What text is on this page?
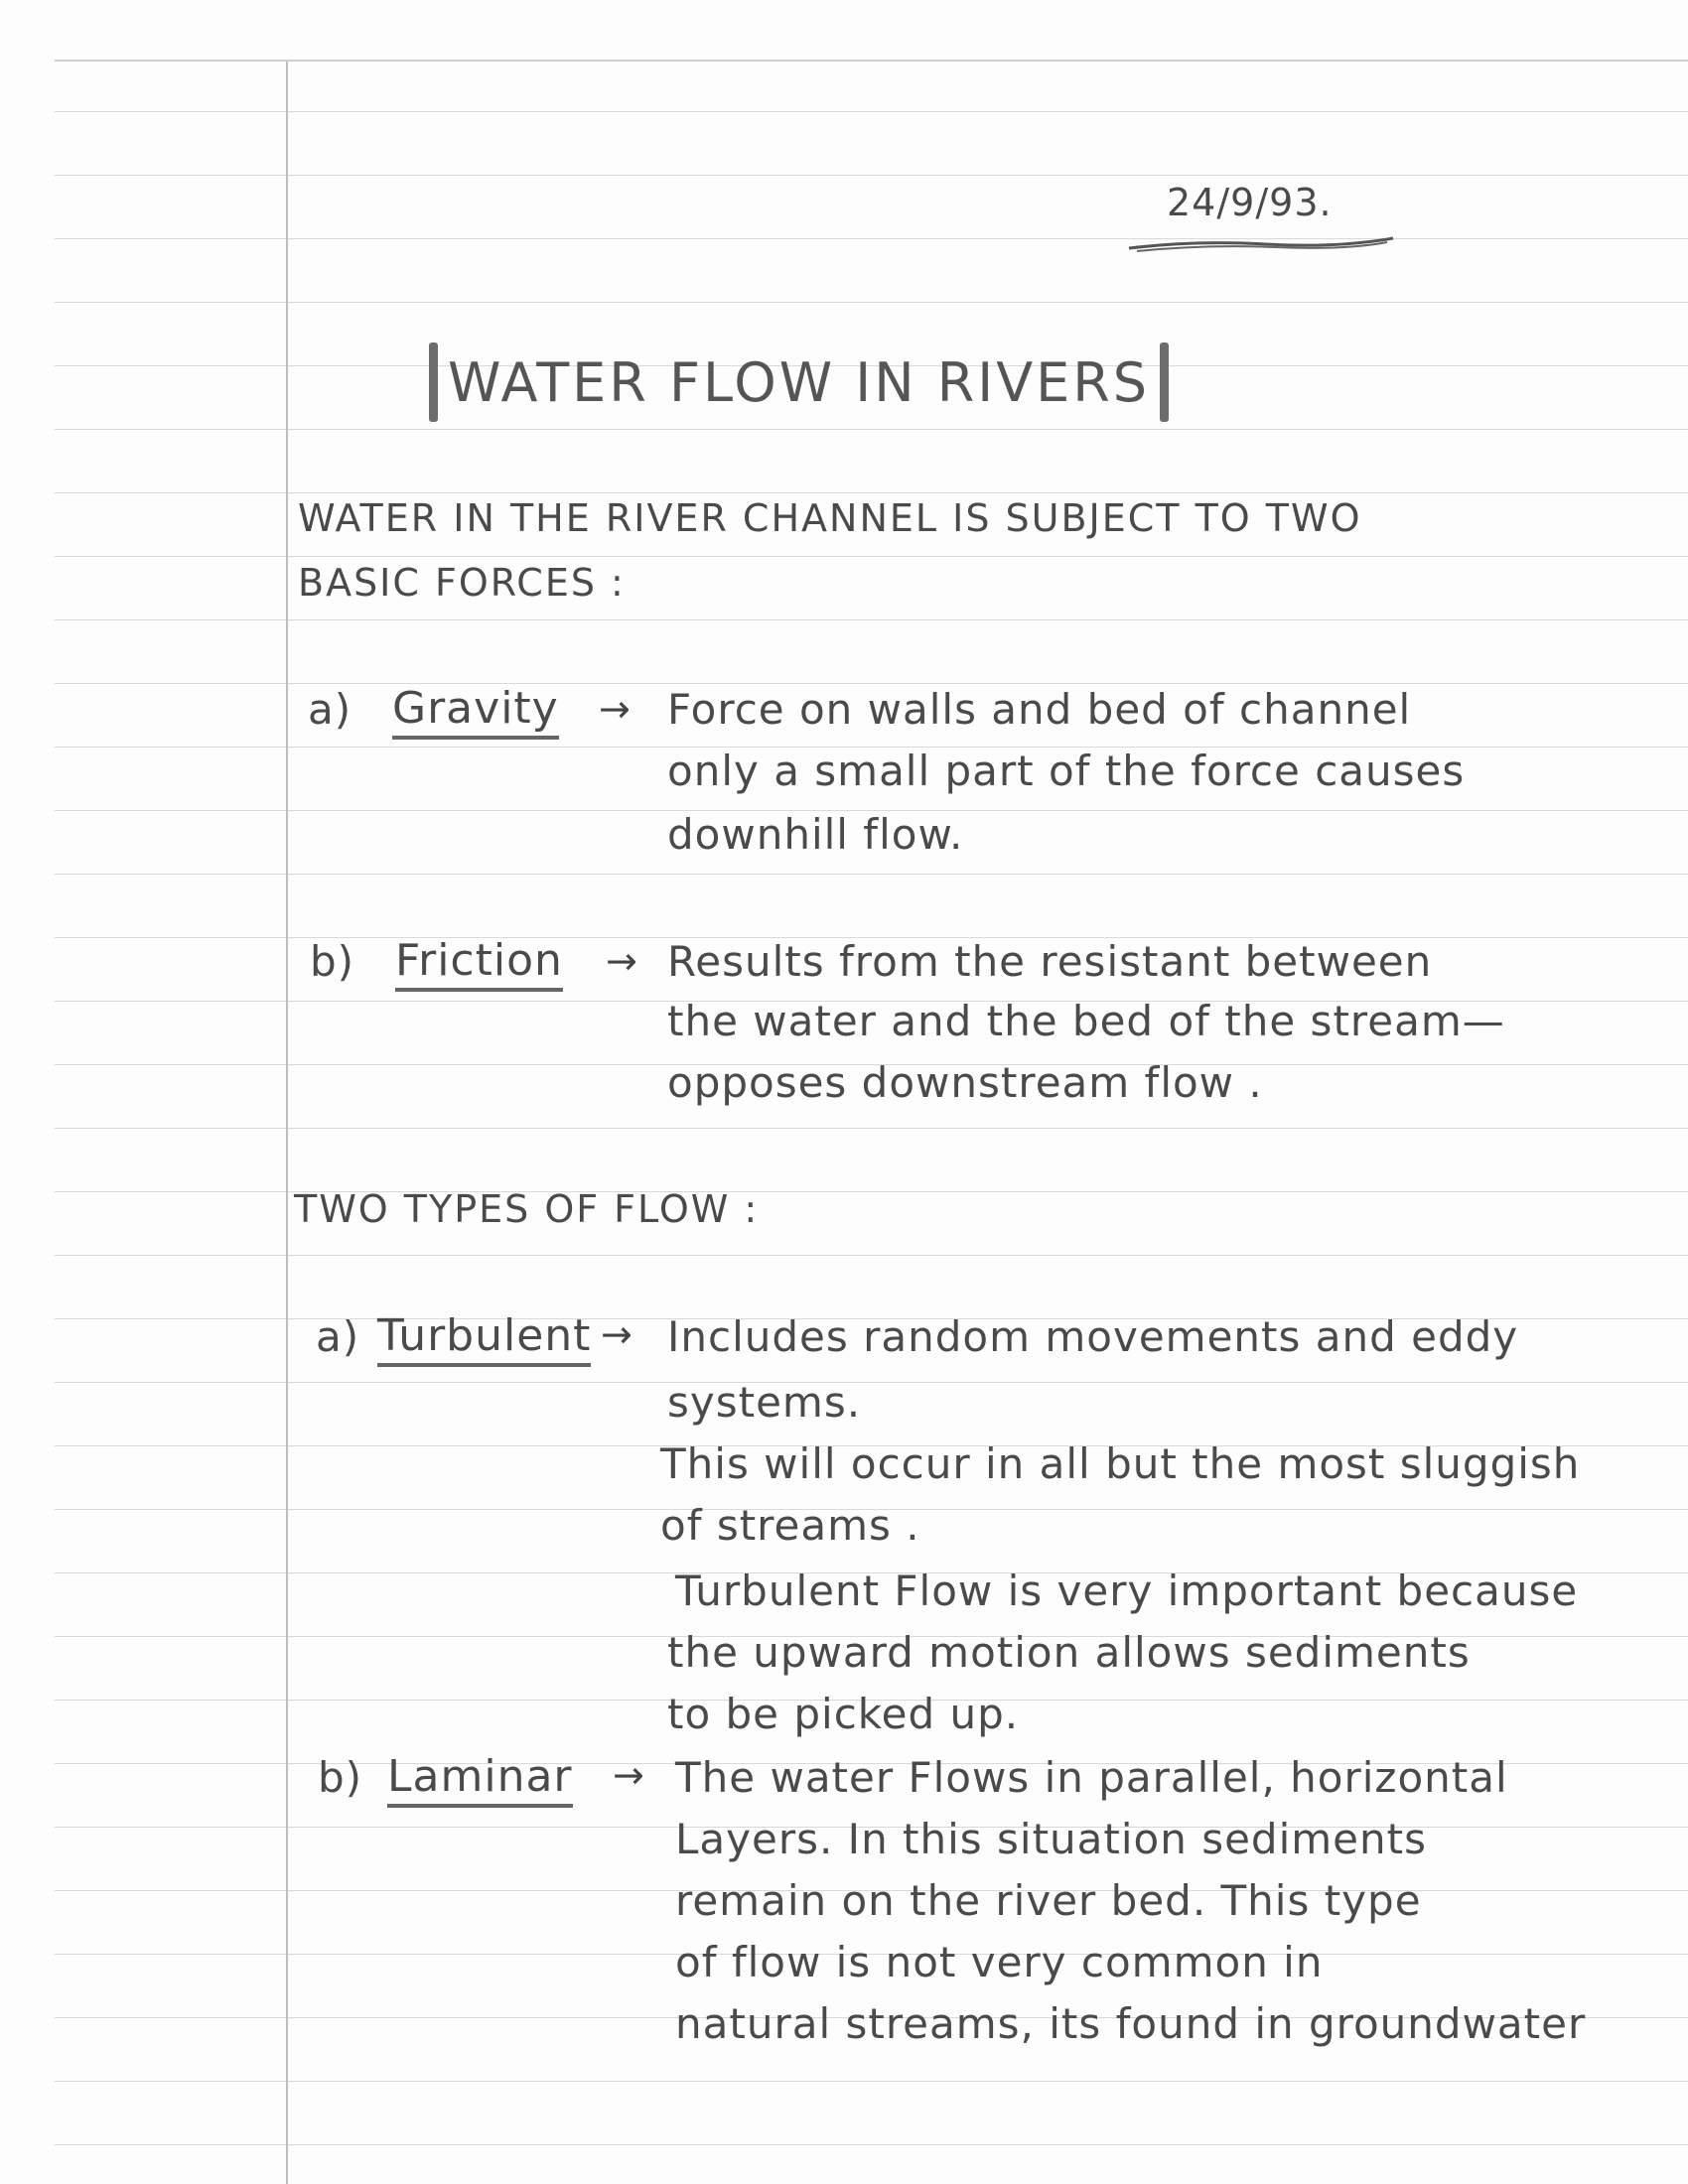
24/9/93.
WATER FLOW IN RIVERS
WATER IN THE RIVER CHANNEL IS SUBJECT TO TWO
BASIC FORCES :
a) Gravity → Force on walls and bed of channel
only a small part of the force causes
downhill flow.
b) Friction → Results from the resistant between
the water and the bed of the stream—
opposes downstream flow .
TWO TYPES OF FLOW :
a) Turbulent → Includes random movements and eddy
systems.
This will occur in all but the most sluggish
of streams .
Turbulent Flow is very important because
the upward motion allows sediments
to be picked up.
b) Laminar → The water Flows in parallel, horizontal
Layers. In this situation sediments
remain on the river bed. This type
of flow is not very common in
natural streams, its found in groundwater
